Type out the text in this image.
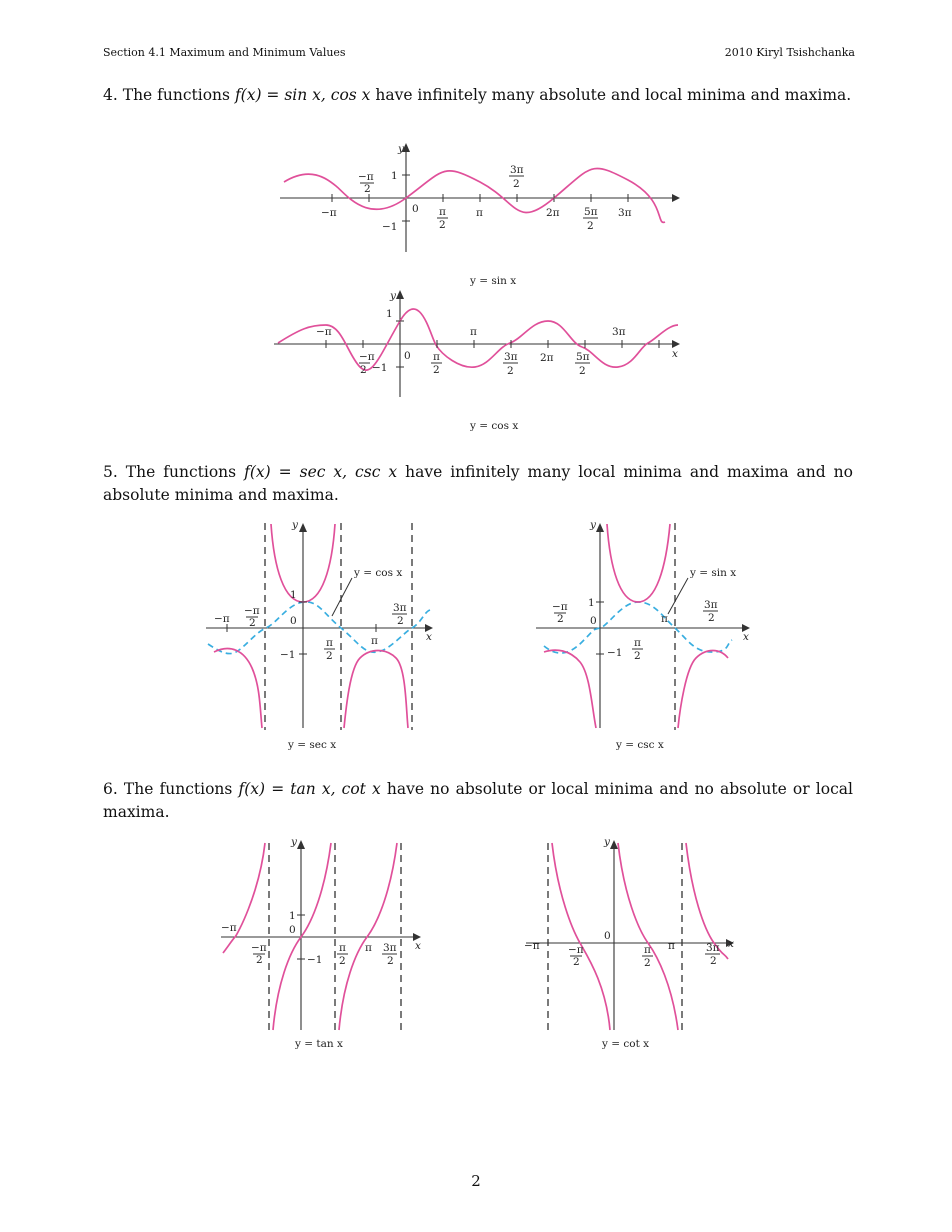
Section 4.1 Maximum and Minimum Values	2010 Kiryl Tsishchanka

4. The functions f(x) = sin x, cos x have infinitely many absolute and local minima and maxima.

y
1
−1
0
−π
−π
2
π
2
π
3π
2
2π 5π
2
3π
y = sin x
y
x
1
−1
0
−π
−π
2
π
2
π
3π
2
2π 5π
2
3π
y = cos x

5. The functions f(x) = sec x, csc x have infinitely many local minima and maxima and no absolute minima and maxima.

y
x
1
0
−1
−π
−π
2
π
2
π
3π
2
y = cos x
y = sec x
y
x
1
0
−1
−π
2
π
2
π
3π
2
y = sin x
y = csc x

6. The functions f(x) = tan x, cot x have no absolute or local minima and no absolute or local maxima.

y
x
1
0
−1
−π
−π
2
π
2
π 3π
2
y = tan x
y
x
0
−π	−π
2
π
2
π	3π
2
y = cot x
2
